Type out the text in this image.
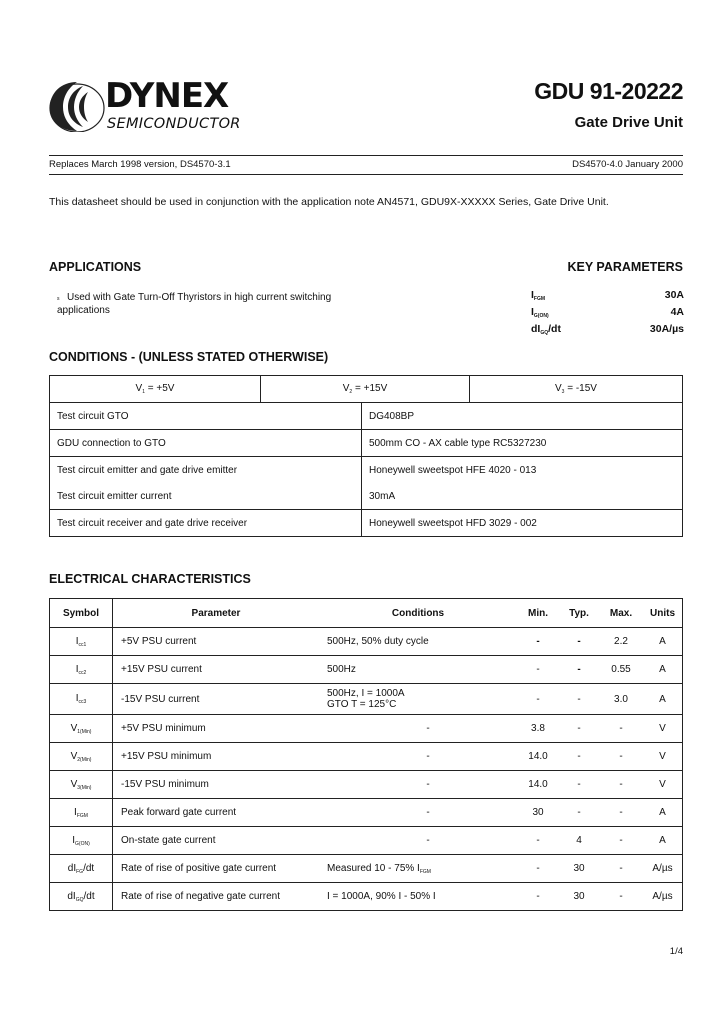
DYNEX
SEMICONDUCTOR
GDU 91-20222
Gate Drive Unit
Replaces March 1998 version, DS4570-3.1	DS4570-4.0 January 2000
This datasheet should be used in conjunction with the application note AN4571, GDU9X-XXXXX Series, Gate Drive Unit.
APPLICATIONS
s Used with Gate Turn-Off Thyristors in high current switching
applications
KEY PARAMETERS
$I_{FGM}$	30A
$I_{G(ON)}$	4A
$dI_{GQ}/dt$	30A/µs
CONDITIONS - (UNLESS STATED OTHERWISE)
$V_1 = +5V$	$V_2 = +15V$	$V_3 = -15V$
Test circuit GTO	DG408BP
GDU connection to GTO	500mm CO - AX cable type RC5327230
Test circuit emitter and gate drive emitter	Honeywell sweetspot HFE 4020 - 013
Test circuit emitter current	30mA
Test circuit receiver and gate drive receiver	Honeywell sweetspot HFD 3029 - 002
ELECTRICAL CHARACTERISTICS
Symbol	Parameter	Conditions	Min.	Typ.	Max.	Units
$I_{cc1}$	+5V PSU current	500Hz, 50% duty cycle	-	-	2.2	A
$I_{cc2}$	+15V PSU current	500Hz	-	-	0.55	A
$I_{cc3}$	-15V PSU current	500Hz, I = 1000A
GTO T = 125°C	-	-	3.0	A
$V_{1(Min)}$	+5V PSU minimum	-	3.8	-	-	V
$V_{2(Min)}$	+15V PSU minimum	-	14.0	-	-	V
$V_{3(Min)}$	-15V PSU minimum	-	14.0	-	-	V
$I_{FGM}$	Peak forward gate current	-	30	-	-	A
$I_{G(ON)}$	On-state gate current	-	-	4	-	A
$dI_{FG}/dt$	Rate of rise of positive gate current	Measured 10 - 75% $I_{FGM}$	-	30	-	A/µs
$dI_{GQ}/dt$	Rate of rise of negative gate current	I = 1000A, 90% I - 50% I	-	30	-	A/µs
1/4
